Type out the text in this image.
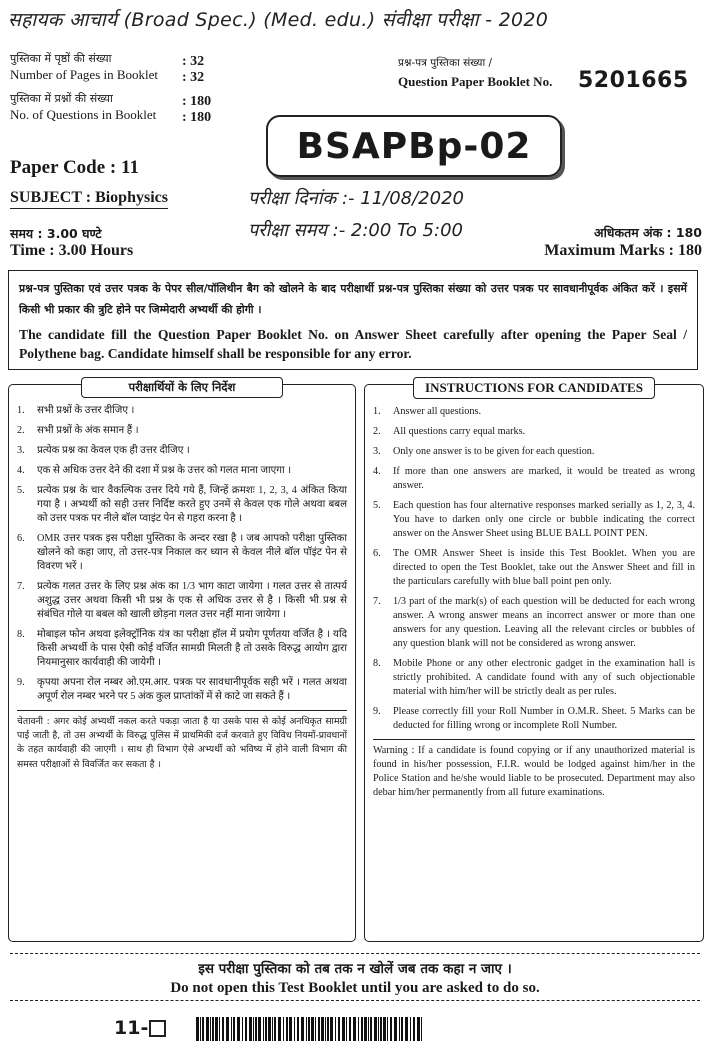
सहायक आचार्य (Broad Spec.) (Med. edu.) संवीक्षा परीक्षा - 2020
पुस्तिका में पृष्ठों की संख्या
Number of Pages in Booklet
: 32
: 32
पुस्तिका में प्रश्नों की संख्या
No. of Questions in Booklet
: 180
: 180
प्रश्न-पत्र पुस्तिका संख्या /
Question Paper Booklet No. 5201665
BSAPBp-02
Paper Code : 11
SUBJECT : Biophysics	परीक्षा दिनांक :- 11/08/2020
परीक्षा समय :- 2:00 To 5:00
समय : 3.00 घण्टे
Time : 3.00 Hours
अधिकतम अंक : 180
Maximum Marks : 180
प्रश्न-पत्र पुस्तिका एवं उत्तर पत्रक के पेपर सील/पॉलिथीन बैग को खोलने के बाद परीक्षार्थी प्रश्न-पत्र पुस्तिका संख्या को उत्तर पत्रक पर सावधानीपूर्वक अंकित करें । इसमें किसी भी प्रकार की त्रुटि होने पर जिम्मेदारी अभ्यर्थी की होगी ।
The candidate fill the Question Paper Booklet No. on Answer Sheet carefully after opening the Paper Seal / Polythene bag. Candidate himself shall be responsible for any error.
परीक्षार्थियों के लिए निर्देश
1. सभी प्रश्नों के उत्तर दीजिए ।
2. सभी प्रश्नों के अंक समान हैं ।
3. प्रत्येक प्रश्न का केवल एक ही उत्तर दीजिए ।
4. एक से अधिक उत्तर देने की दशा में प्रश्न के उत्तर को गलत माना जाएगा ।
5. प्रत्येक प्रश्न के चार वैकल्पिक उत्तर दिये गये हैं, जिन्हें क्रमशः 1, 2, 3, 4 अंकित किया गया है । अभ्यर्थी को सही उत्तर निर्दिष्ट करते हुए उनमें से केवल एक गोले अथवा बबल को उत्तर पत्रक पर नीले बॉल प्वाइंट पेन से गहरा करना है ।
6. OMR उत्तर पत्रक इस परीक्षा पुस्तिका के अन्दर रखा है । जब आपको परीक्षा पुस्तिका खोलने को कहा जाए, तो उत्तर-पत्र निकाल कर ध्यान से केवल नीले बॉल पॉइंट पेन से विवरण भरें ।
7. प्रत्येक गलत उत्तर के लिए प्रश्न अंक का 1/3 भाग काटा जायेगा । गलत उत्तर से तात्पर्य अशुद्ध उत्तर अथवा किसी भी प्रश्न के एक से अधिक उत्तर से है । किसी भी प्रश्न से संबंधित गोले या बबल को खाली छोड़ना गलत उत्तर नहीं माना जायेगा ।
8. मोबाइल फोन अथवा इलेक्ट्रॉनिक यंत्र का परीक्षा हॉल में प्रयोग पूर्णतया वर्जित है । यदि किसी अभ्यर्थी के पास ऐसी कोई वर्जित सामग्री मिलती है तो उसके विरुद्ध आयोग द्वारा नियमानुसार कार्यवाही की जायेगी ।
9. कृपया अपना रोल नम्बर ओ.एम.आर. पत्रक पर सावधानीपूर्वक सही भरें । गलत अथवा अपूर्ण रोल नम्बर भरने पर 5 अंक कुल प्राप्तांकों में से काटे जा सकते हैं ।
चेतावनी : अगर कोई अभ्यर्थी नकल करते पकड़ा जाता है या उसके पास से कोई अनधिकृत सामग्री पाई जाती है, तो उस अभ्यर्थी के विरुद्ध पुलिस में प्राथमिकी दर्ज करवाते हुए विविध नियमों-प्रावधानों के तहत कार्यवाही की जाएगी । साथ ही विभाग ऐसे अभ्यर्थी को भविष्य में होने वाली विभाग की समस्त परीक्षाओं से विवर्जित कर सकता है ।
INSTRUCTIONS FOR CANDIDATES
1. Answer all questions.
2. All questions carry equal marks.
3. Only one answer is to be given for each question.
4. If more than one answers are marked, it would be treated as wrong answer.
5. Each question has four alternative responses marked serially as 1, 2, 3, 4. You have to darken only one circle or bubble indicating the correct answer on the Answer Sheet using BLUE BALL POINT PEN.
6. The OMR Answer Sheet is inside this Test Booklet. When you are directed to open the Test Booklet, take out the Answer Sheet and fill in the particulars carefully with blue ball point pen only.
7. 1/3 part of the mark(s) of each question will be deducted for each wrong answer. A wrong answer means an incorrect answer or more than one answers for any question. Leaving all the relevant circles or bubbles of any question blank will not be considered as wrong answer.
8. Mobile Phone or any other electronic gadget in the examination hall is strictly prohibited. A candidate found with any of such objectionable material with him/her will be strictly dealt as per rules.
9. Please correctly fill your Roll Number in O.M.R. Sheet. 5 Marks can be deducted for filling wrong or incomplete Roll Number.
Warning : If a candidate is found copying or if any unauthorized material is found in his/her possession, F.I.R. would be lodged against him/her in the Police Station and he/she would liable to be prosecuted. Department may also debar him/her permanently from all future examinations.
इस परीक्षा पुस्तिका को तब तक न खोलें जब तक कहा न जाए ।
Do not open this Test Booklet until you are asked to do so.
11-
